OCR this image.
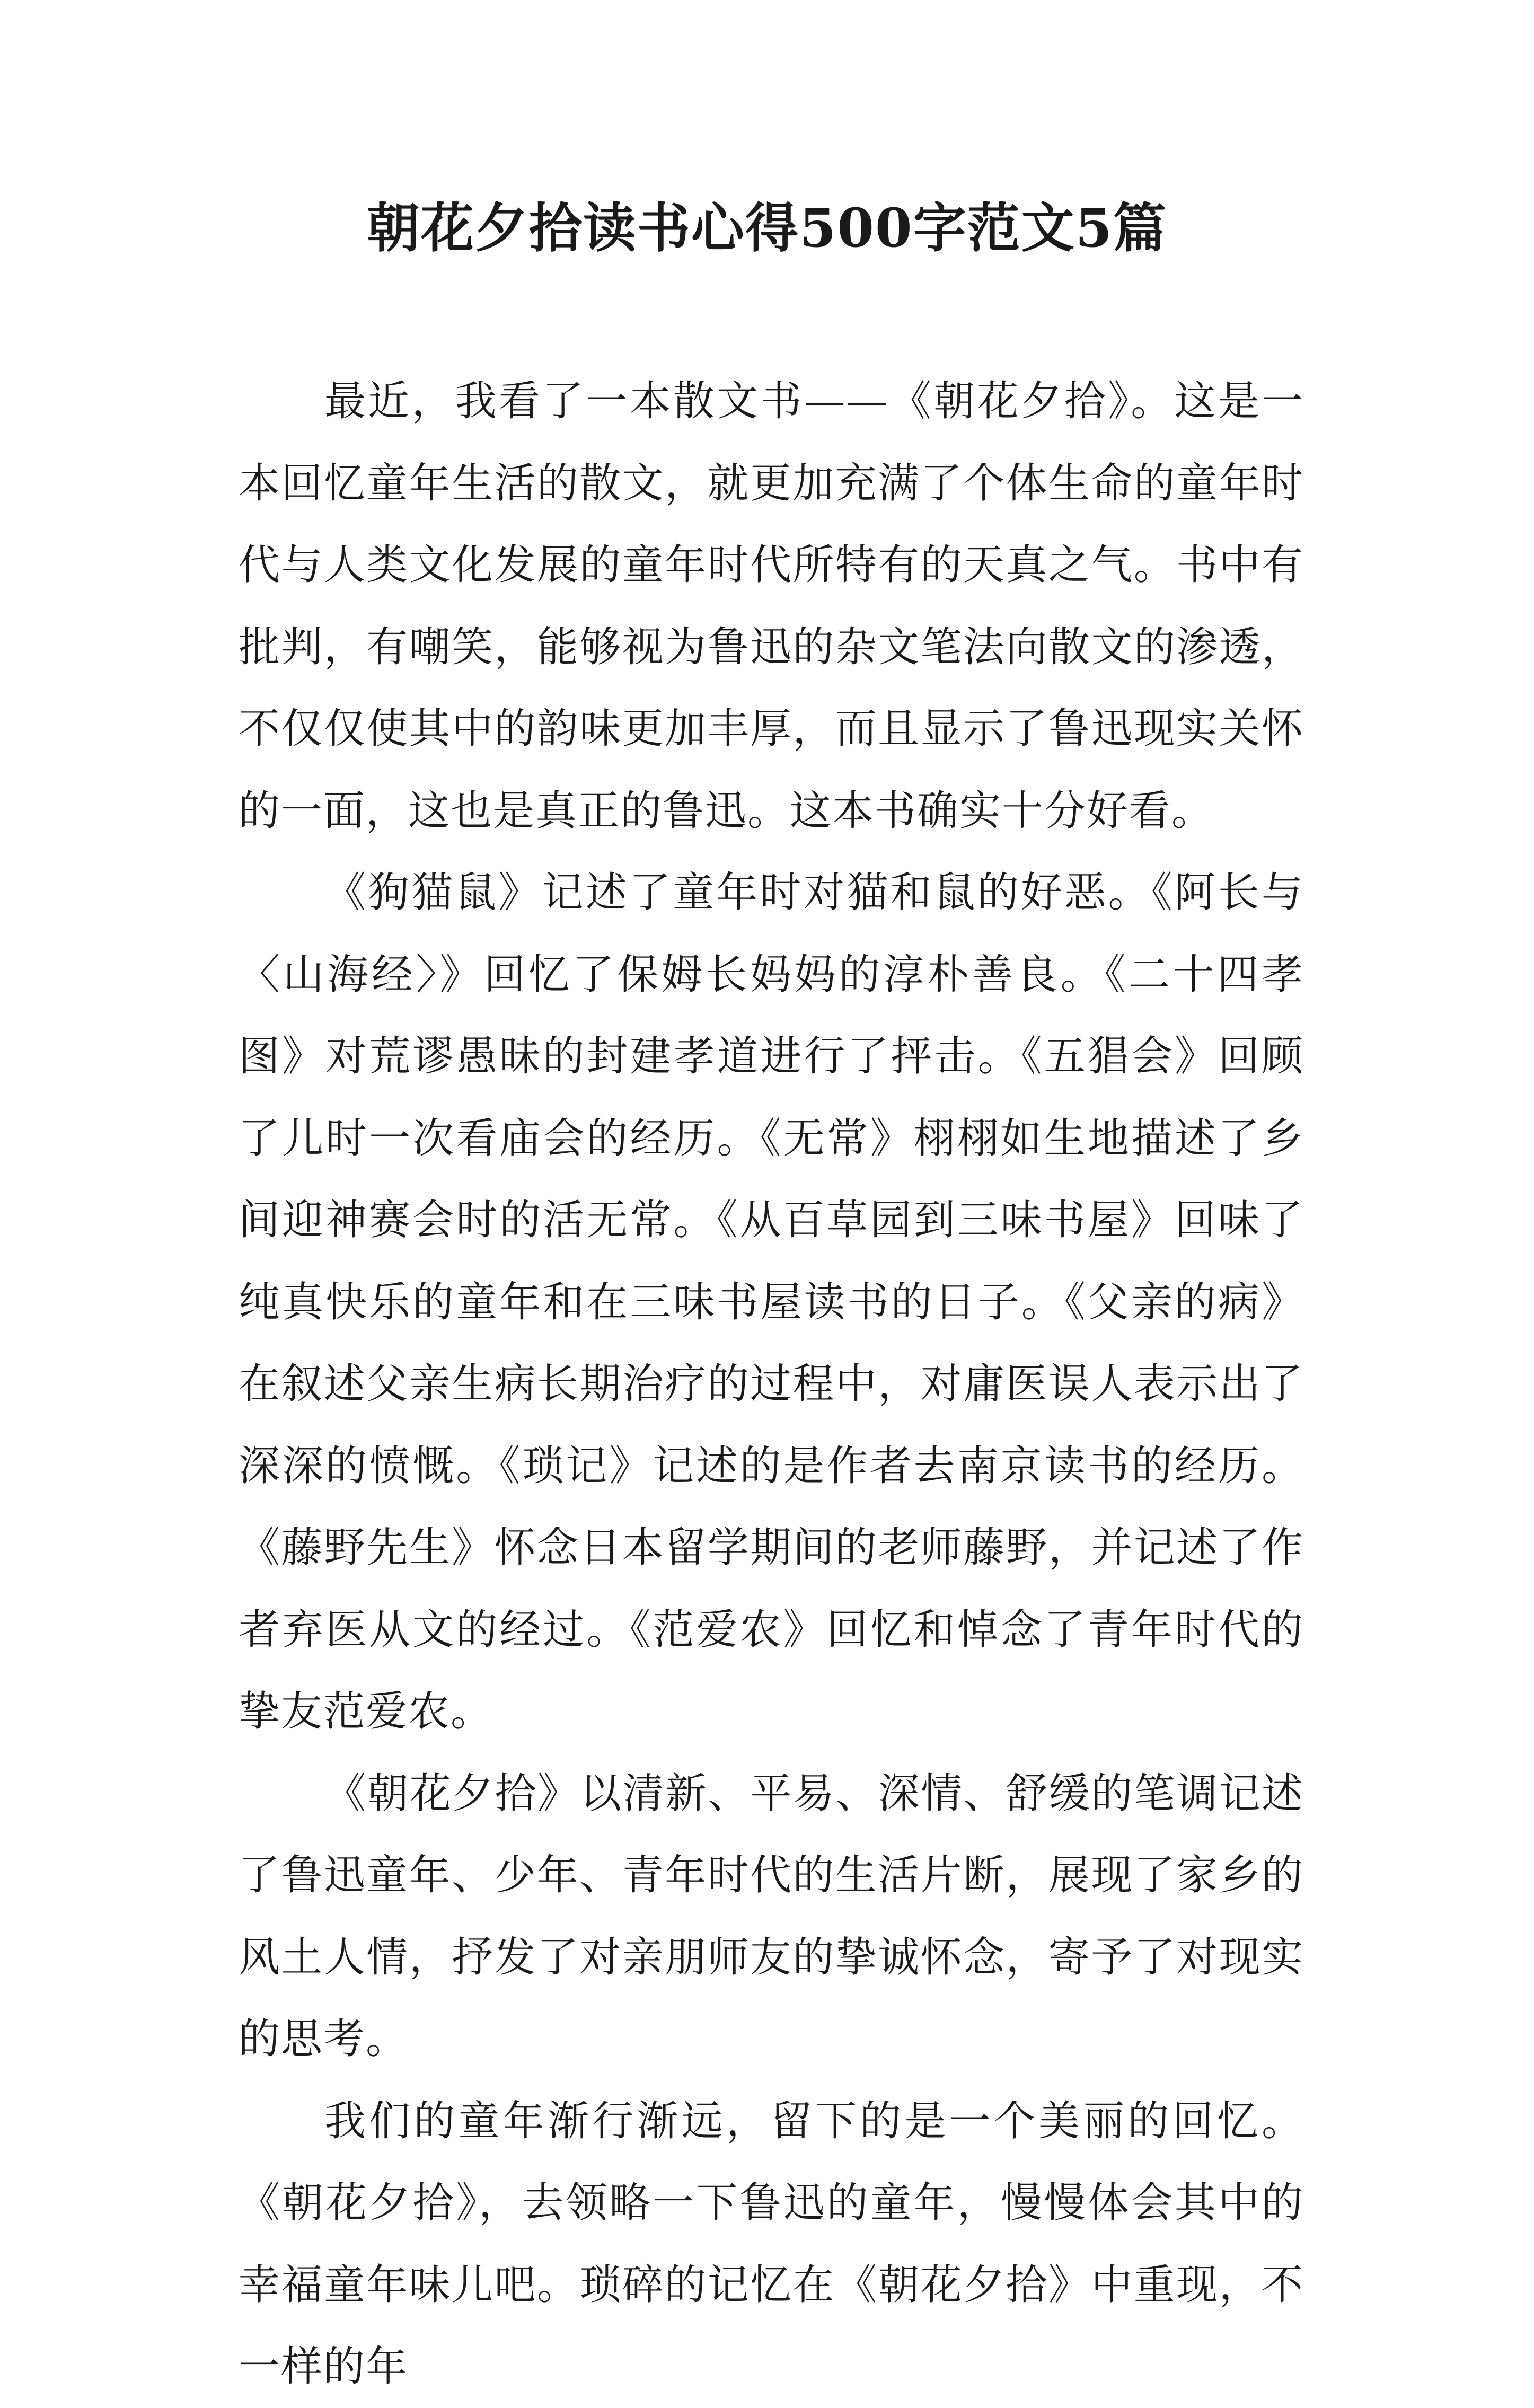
朝花夕拾读书心得500字范文5篇

最近，我看了一本散文书——《朝花夕拾》。这是一本回忆童年生活的散文，就更加充满了个体生命的童年时代与人类文化发展的童年时代所特有的天真之气。书中有批判，有嘲笑，能够视为鲁迅的杂文笔法向散文的渗透，不仅仅使其中的韵味更加丰厚，而且显示了鲁迅现实关怀的一面，这也是真正的鲁迅。这本书确实十分好看。

《狗猫鼠》记述了童年时对猫和鼠的好恶。《阿长与〈山海经〉》回忆了保姆长妈妈的淳朴善良。《二十四孝图》对荒谬愚昧的封建孝道进行了抨击。《五猖会》回顾了儿时一次看庙会的经历。《无常》栩栩如生地描述了乡间迎神赛会时的活无常。《从百草园到三味书屋》回味了纯真快乐的童年和在三味书屋读书的日子。《父亲的病》在叙述父亲生病长期治疗的过程中，对庸医误人表示出了深深的愤慨。《琐记》记述的是作者去南京读书的经历。《藤野先生》怀念日本留学期间的老师藤野，并记述了作者弃医从文的经过。《范爱农》回忆和悼念了青年时代的挚友范爱农。

《朝花夕拾》以清新、平易、深情、舒缓的笔调记述了鲁迅童年、少年、青年时代的生活片断，展现了家乡的风土人情，抒发了对亲朋师友的挚诚怀念，寄予了对现实的思考。

我们的童年渐行渐远，留下的是一个美丽的回忆。《朝花夕拾》，去领略一下鲁迅的童年，慢慢体会其中的幸福童年味儿吧。琐碎的记忆在《朝花夕拾》中重现，不一样的年
